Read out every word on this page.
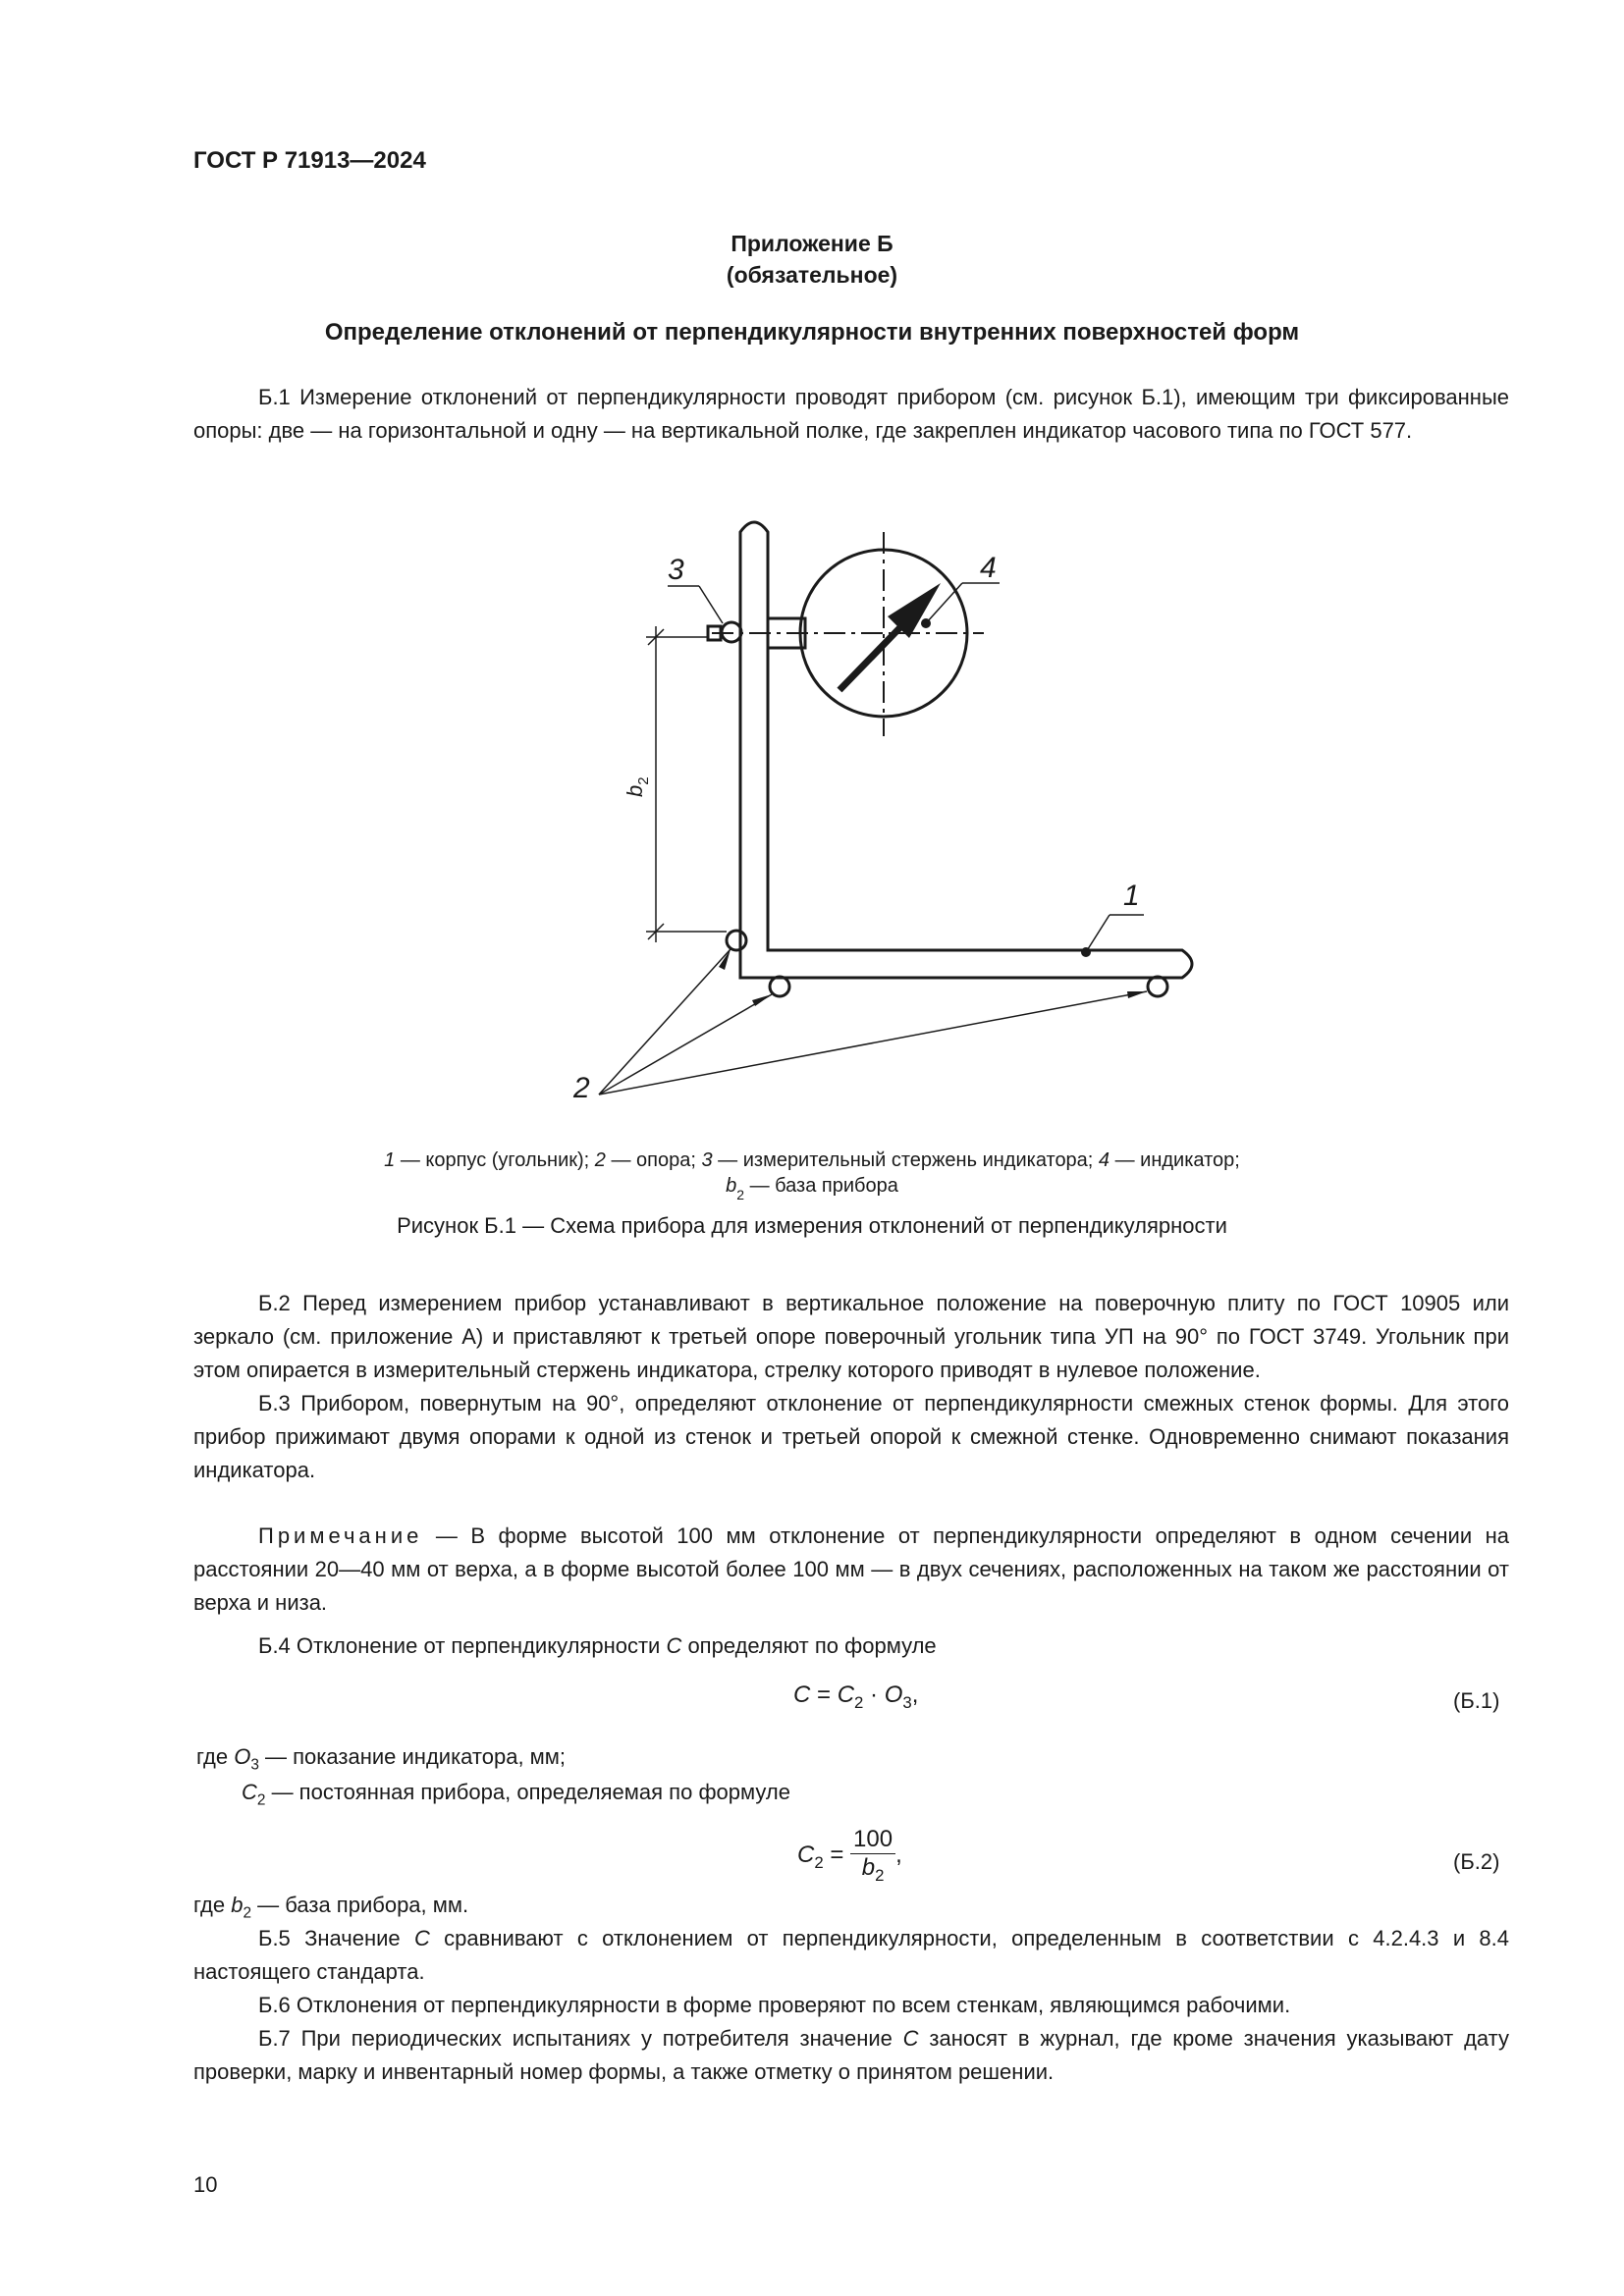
ГОСТ Р 71913—2024
Приложение Б
(обязательное)
Определение отклонений от перпендикулярности внутренних поверхностей форм

Б.1 Измерение отклонений от перпендикулярности проводят прибором (см. рисунок Б.1), имеющим три фиксированные опоры: две — на горизонтальной и одну — на вертикальной полке, где закреплен индикатор часового типа по ГОСТ 577.

3	4
1
2
$b_2$
1 — корпус (угольник); 2 — опора; 3 — измерительный стержень индикатора; 4 — индикатор;
$b_2$ — база прибора
Рисунок Б.1 — Схема прибора для измерения отклонений от перпендикулярности

Б.2 Перед измерением прибор устанавливают в вертикальное положение на поверочную плиту по ГОСТ 10905 или зеркало (см. приложение А) и приставляют к третьей опоре поверочный угольник типа УП на 90° по ГОСТ 3749. Угольник при этом опирается в измерительный стержень индикатора, стрелку которого приводят в нулевое положение.

Б.3 Прибором, повернутым на 90°, определяют отклонение от перпендикулярности смежных стенок формы. Для этого прибор прижимают двумя опорами к одной из стенок и третьей опорой к смежной стенке. Одновременно снимают показания индикатора.

Примечание — В форме высотой 100 мм отклонение от перпендикулярности определяют в одном сечении на расстоянии 20—40 мм от верха, а в форме высотой более 100 мм — в двух сечениях, расположенных на таком же расстоянии от верха и низа.

Б.4 Отклонение от перпендикулярности C определяют по формуле

$C = C_2 \cdot O_3$,	(Б.1)
где $O_3$ — показание индикатора, мм;
$C_2$ — постоянная прибора, определяемая по формуле
$C_2 = \frac{100}{b_2}$ ,	(Б.2)
где $b_2$ — база прибора, мм.

Б.5 Значение C сравнивают с отклонением от перпендикулярности, определенным в соответствии с 4.2.4.3 и 8.4 настоящего стандарта.

Б.6 Отклонения от перпендикулярности в форме проверяют по всем стенкам, являющимся рабочими.

Б.7 При периодических испытаниях у потребителя значение C заносят в журнал, где кроме значения указывают дату проверки, марку и инвентарный номер формы, а также отметку о принятом решении.

10
